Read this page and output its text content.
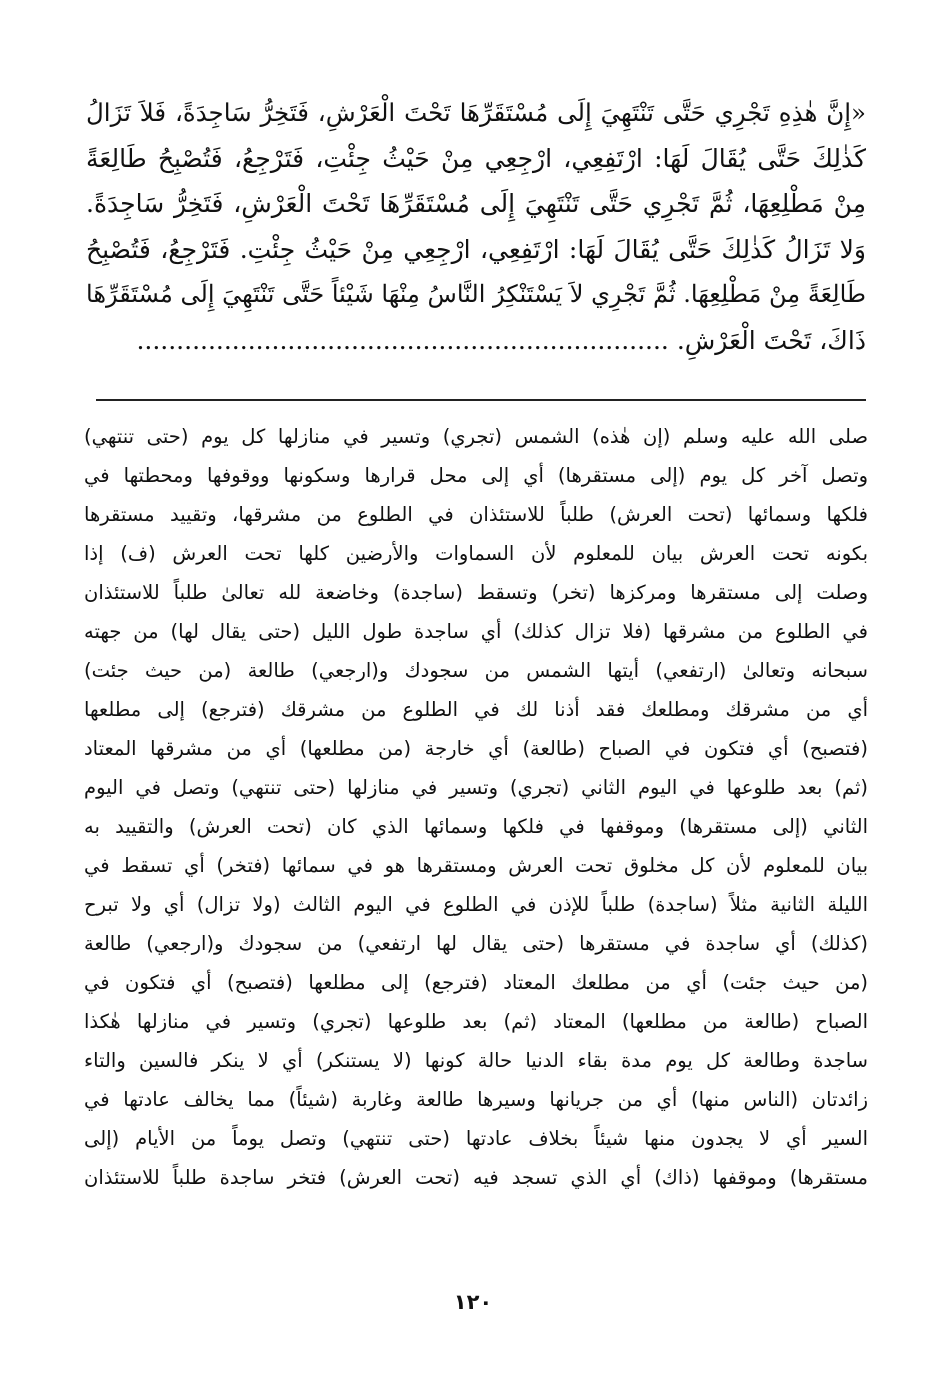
«إِنَّ هٰذِهِ تَجْرِي حَتَّى تَنْتَهِيَ إِلَى مُسْتَقَرِّهَا تَحْتَ الْعَرْشِ، فَتَخِرُّ سَاجِدَةً، فَلاَ تَزَالُ
كَذٰلِكَ حَتَّى يُقَالَ لَهَا: ارْتَفِعِي، ارْجِعِي مِنْ حَيْثُ جِئْتِ، فَتَرْجِعُ، فَتُصْبِحُ طَالِعَةً
مِنْ مَطْلِعِهَا، ثُمَّ تَجْرِي حَتَّى تَنْتَهِيَ إِلَى مُسْتَقَرِّهَا تَحْتَ الْعَرْشِ، فَتَخِرُّ سَاجِدَةً.
وَلا تَزَالُ كَذٰلِكَ حَتَّى يُقَالَ لَهَا: ارْتَفِعِي، ارْجِعِي مِنْ حَيْثُ جِئْتِ. فَتَرْجِعُ، فَتُصْبِحُ
طَالِعَةً مِنْ مَطْلِعِهَا. ثُمَّ تَجْرِي لاَ يَسْتَنْكِرُ النَّاسُ مِنْهَا شَيْئاً حَتَّى تَنْتَهِيَ إِلَى مُسْتَقَرِّهَا
ذَاكَ، تَحْتَ الْعَرْشِ. ...................................................................
صلى الله عليه وسلم (إن هٰذه) الشمس (تجري) وتسير في منازلها كل يوم (حتى تنتهي)
وتصل آخر كل يوم (إلى مستقرها) أي إلى محل قرارها وسكونها ووقوفها ومحطتها في
فلكها وسمائها (تحت العرش) طلباً للاستئذان في الطلوع من مشرقها، وتقييد مستقرها
بكونه تحت العرش بيان للمعلوم لأن السماوات والأرضين كلها تحت العرش (ف) إذا
وصلت إلى مستقرها ومركزها (تخر) وتسقط (ساجدة) وخاضعة لله تعالىٰ طلباً للاستئذان
في الطلوع من مشرقها (فلا تزال كذلك) أي ساجدة طول الليل (حتى يقال لها) من جهته
سبحانه وتعالىٰ (ارتفعي) أيتها الشمس من سجودك و(ارجعي) طالعة (من حيث جئت)
أي من مشرقك ومطلعك فقد أذنا لك في الطلوع من مشرقك (فترجع) إلى مطلعها
(فتصبح) أي فتكون في الصباح (طالعة) أي خارجة (من مطلعها) أي من مشرقها المعتاد
(ثم) بعد طلوعها في اليوم الثاني (تجري) وتسير في منازلها (حتى تنتهي) وتصل في اليوم
الثاني (إلى مستقرها) وموقفها في فلكها وسمائها الذي كان (تحت العرش) والتقييد به
بيان للمعلوم لأن كل مخلوق تحت العرش ومستقرها هو في سمائها (فتخر) أي تسقط في
الليلة الثانية مثلاً (ساجدة) طلباً للإذن في الطلوع في اليوم الثالث (ولا تزال) أي ولا تبرح
(كذلك) أي ساجدة في مستقرها (حتى يقال لها ارتفعي) من سجودك و(ارجعي) طالعة
(من حيث جئت) أي من مطلعك المعتاد (فترجع) إلى مطلعها (فتصبح) أي فتكون في
الصباح (طالعة من مطلعها) المعتاد (ثم) بعد طلوعها (تجري) وتسير في منازلها هٰكذا
ساجدة وطالعة كل يوم مدة بقاء الدنيا حالة كونها (لا يستنكر) أي لا ينكر فالسين والتاء
زائدتان (الناس منها) أي من جريانها وسيرها طالعة وغاربة (شيئاً) مما يخالف عادتها في
السير أي لا يجدون منها شيئاً بخلاف عادتها (حتى تنتهي) وتصل يوماً من الأيام (إلى
مستقرها) وموقفها (ذاك) أي الذي تسجد فيه (تحت العرش) فتخر ساجدة طلباً للاستئذان
١٢٠
